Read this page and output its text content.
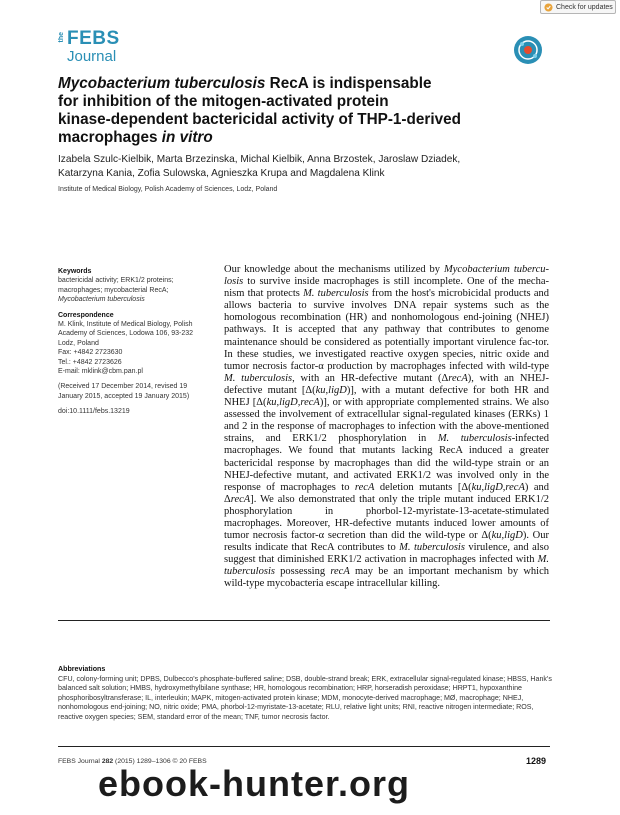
Check for updates
the FEBS
Journal
Mycobacterium tuberculosis RecA is indispensable
for inhibition of the mitogen-activated protein
kinase-dependent bactericidal activity of THP-1-derived
macrophages in vitro
Izabela Szulc-Kielbik, Marta Brzezinska, Michal Kielbik, Anna Brzostek, Jaroslaw Dziadek,
Katarzyna Kania, Zofia Sulowska, Agnieszka Krupa and Magdalena Klink
Institute of Medical Biology, Polish Academy of Sciences, Lodz, Poland

Keywords

bactericidal activity; ERK1/2 proteins;

macrophages; mycobacterial RecA;

Mycobacterium tuberculosis

Correspondence

M. Klink, Institute of Medical Biology, Polish

Academy of Sciences, Lodowa 106, 93-232

Lodz, Poland

Fax: +4842 2723630

Tel.: +4842 2723626

E-mail: mklink@cbm.pan.pl

(Received 17 December 2014, revised 19

January 2015, accepted 19 January 2015)

doi:10.1111/febs.13219

Our knowledge about the mechanisms utilized by Mycobacterium tubercu-losis to survive inside macrophages is still incomplete. One of the mecha-nism that protects M. tuberculosis from the host's microbicidal products and allows bacteria to survive involves DNA repair systems such as the homologous recombination (HR) and nonhomologous end-joining (NHEJ) pathways. It is accepted that any pathway that contributes to genome maintenance should be considered as potentially important virulence fac-tor. In these studies, we investigated reactive oxygen species, nitric oxide and tumor necrosis factor-α production by macrophages infected with wild-type M. tuberculosis, with an HR-defective mutant (ΔrecA), with an NHEJ-defective mutant [Δ(ku,ligD)], with a mutant defective for both HR and NHEJ [Δ(ku,ligD,recA)], or with appropriate complemented strains. We also assessed the involvement of extracellular signal-regulated kinases (ERKs) 1 and 2 in the response of macrophages to infection with the above-mentioned strains, and ERK1/2 phosphorylation in M. tuberculosis-infected macrophages. We found that mutants lacking RecA induced a greater bactericidal response by macrophages than did the wild-type strain or an NHEJ-defective mutant, and activated ERK1/2 was involved only in the response of macrophages to recA deletion mutants [Δ(ku,ligD,recA) and ΔrecA]. We also demonstrated that only the triple mutant induced ERK1/2 phosphorylation in phorbol-12-myristate-13-acetate-stimulated macrophages. Moreover, HR-defective mutants induced lower amounts of tumor necrosis factor-α secretion than did the wild-type or Δ(ku,ligD). Our results indicate that RecA contributes to M. tuberculosis virulence, and also suggest that diminished ERK1/2 activation in macrophages infected with M. tuberculosis possessing recA may be an important mechanism by which wild-type mycobacteria escape intracellular killing.
Abbreviations
CFU, colony-forming unit; DPBS, Dulbecco's phosphate-buffered saline; DSB, double-strand break; ERK, extracellular signal-regulated kinase; HBSS, Hank's balanced salt solution; HMBS, hydroxymethylbilane synthase; HR, homologous recombination; HRP, horseradish peroxidase; HRPT1, hypoxanthine phosphoribosyltransferase; IL, interleukin; MAPK, mitogen-activated protein kinase; MDM, monocyte-derived macrophage; MØ, macrophage; NHEJ, nonhomologous end-joining; NO, nitric oxide; PMA, phorbol-12-myristate-13-acetate; RLU, relative light units; RNI, reactive nitrogen intermediate; ROS, reactive oxygen species; SEM, standard error of the mean; TNF, tumor necrosis factor.
FEBS Journal 282 (2015) 1289–1306 © 20 FEBS	1289
ebook-hunter.org
